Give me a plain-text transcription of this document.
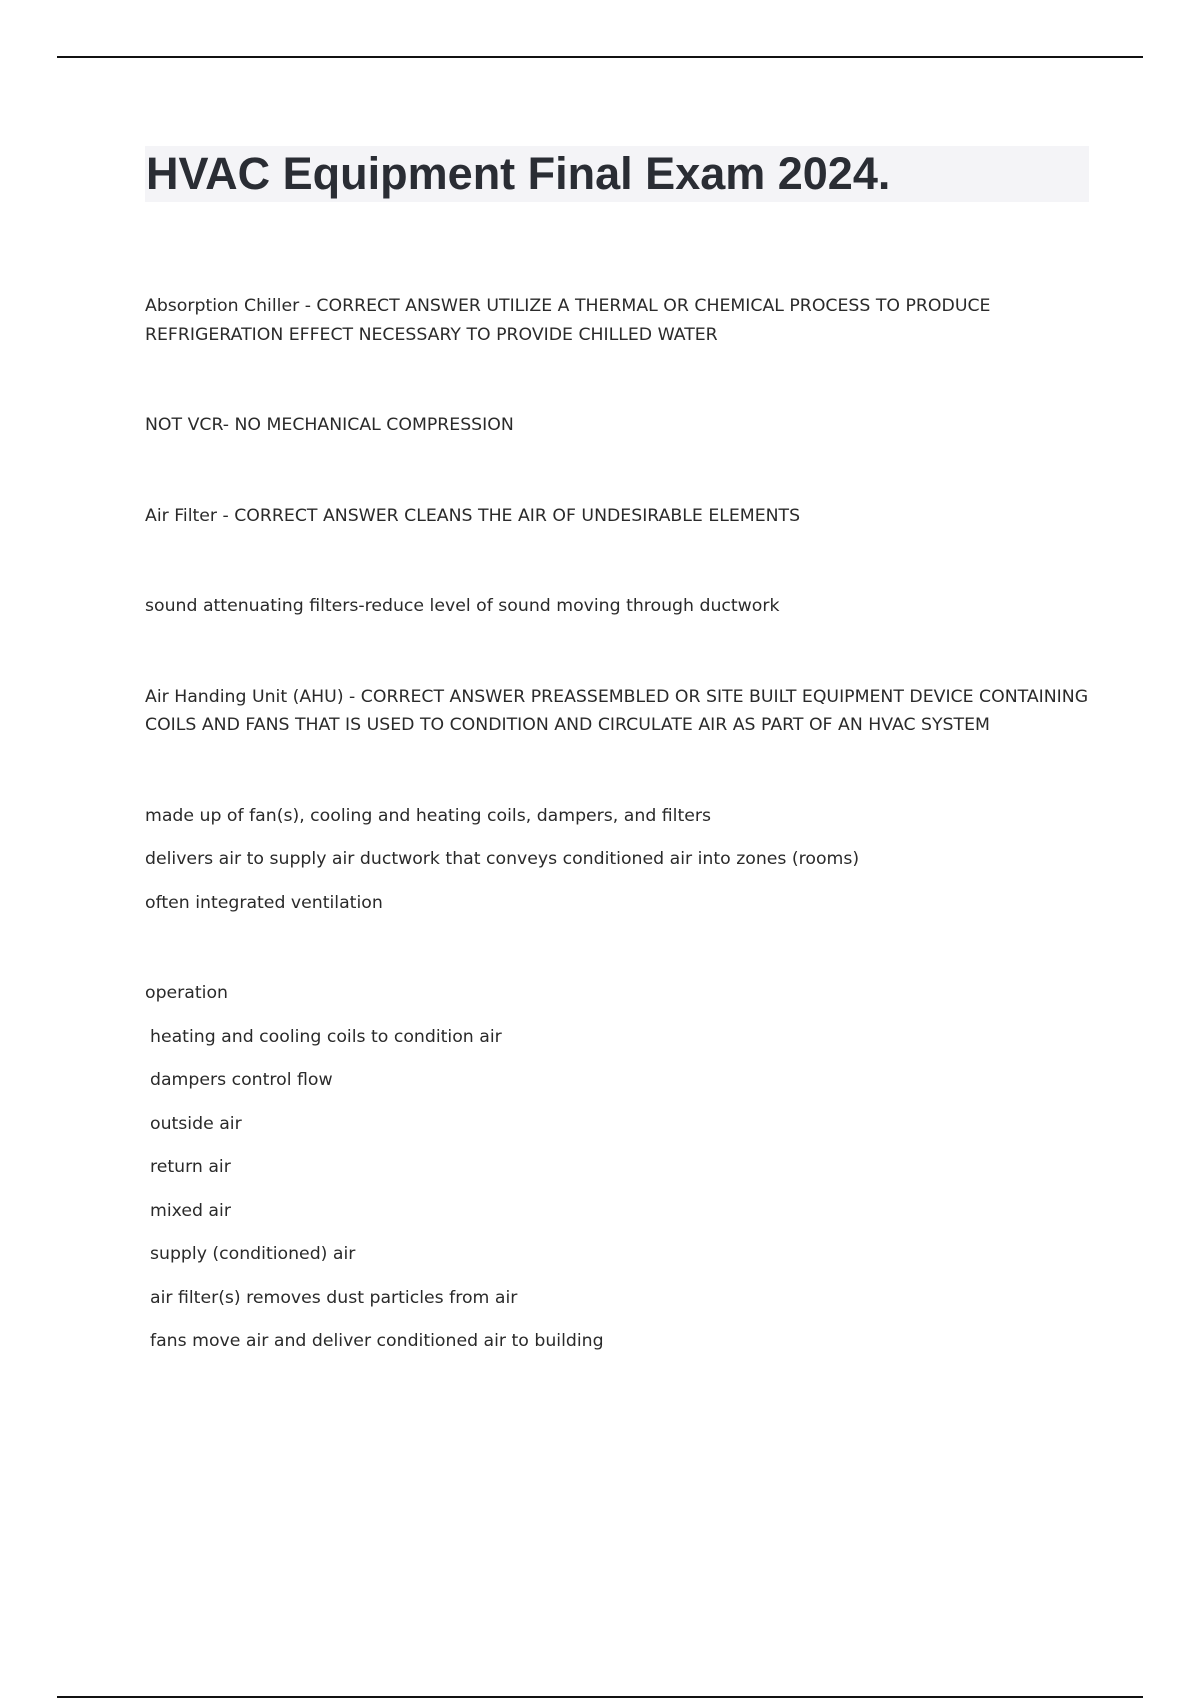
HVAC Equipment Final Exam 2024.

Absorption Chiller - CORRECT ANSWER UTILIZE A THERMAL OR CHEMICAL PROCESS TO PRODUCE REFRIGERATION EFFECT NECESSARY TO PROVIDE CHILLED WATER

NOT VCR- NO MECHANICAL COMPRESSION

Air Filter - CORRECT ANSWER CLEANS THE AIR OF UNDESIRABLE ELEMENTS

sound attenuating filters-reduce level of sound moving through ductwork

Air Handing Unit (AHU) - CORRECT ANSWER PREASSEMBLED OR SITE BUILT EQUIPMENT DEVICE CONTAINING COILS AND FANS THAT IS USED TO CONDITION AND CIRCULATE AIR AS PART OF AN HVAC SYSTEM

made up of fan(s), cooling and heating coils, dampers, and filters

delivers air to supply air ductwork that conveys conditioned air into zones (rooms)

often integrated ventilation

operation

heating and cooling coils to condition air

dampers control flow

outside air

return air

mixed air

supply (conditioned) air

air filter(s) removes dust particles from air

fans move air and deliver conditioned air to building
